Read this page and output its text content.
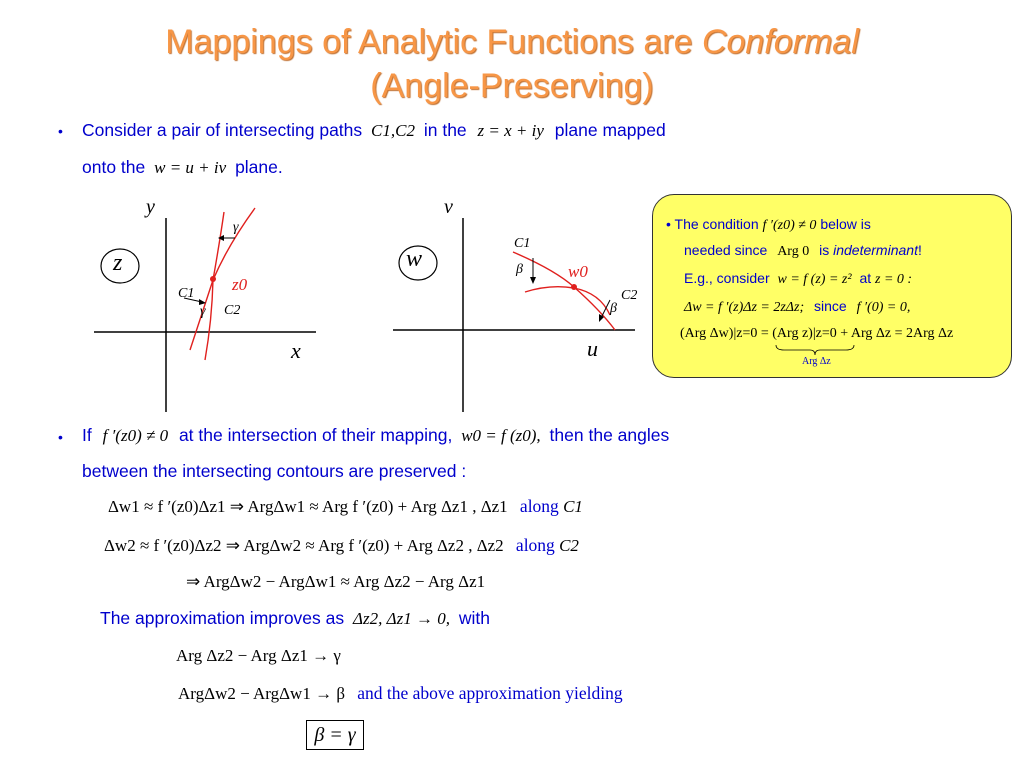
Mappings of Analytic Functions are Conformal
(Angle-Preserving)
• Consider a pair of intersecting paths C1,C2 in the z = x + iy plane mapped
onto the w = u + iv plane.
y
x
z
z0
C1
C2
γ
γ
v
u
w	w0
C1
C2
β
β
• The condition f ′(z0) ≠ 0 below is
needed since Arg 0 is indeterminant!
E.g., consider w = f (z) = z² at z = 0 :
Δw = f ′(z)Δz = 2zΔz; since f ′(0) = 0,
(Arg Δw)|z=0 = (Arg z)|z=0 + Arg Δz = 2Arg Δz
Arg Δz
• If f ′(z0) ≠ 0 at the intersection of their mapping, w0 = f (z0), then the angles
between the intersecting contours are preserved :
Δw1 ≈ f ′(z0)Δz1 ⇒ ArgΔw1 ≈ Arg f ′(z0) + Arg Δz1 , Δz1 along C1
Δw2 ≈ f ′(z0)Δz2 ⇒ ArgΔw2 ≈ Arg f ′(z0) + Arg Δz2 , Δz2 along C2
⇒ ArgΔw2 − ArgΔw1 ≈ Arg Δz2 − Arg Δz1
The approximation improves as Δz2, Δz1 → 0, with
Arg Δz2 − Arg Δz1 → γ
ArgΔw2 − ArgΔw1 → β and the above approximation yielding
β = γ
